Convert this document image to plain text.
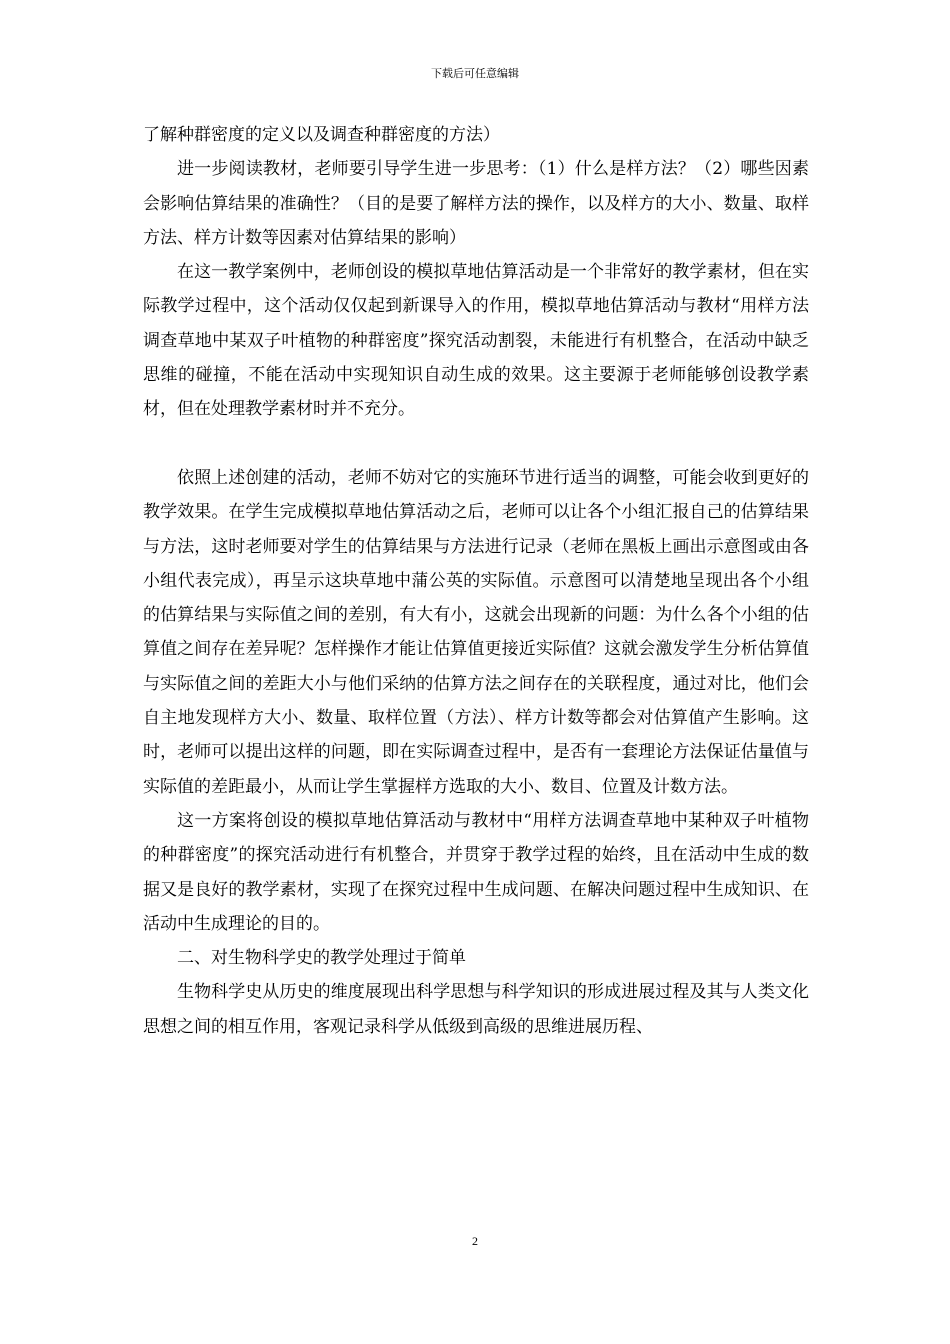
下载后可任意编辑

了解种群密度的定义以及调查种群密度的方法）

进一步阅读教材，老师要引导学生进一步思考：（1）什么是样方法？（2）哪些因素会影响估算结果的准确性？（目的是要了解样方法的操作，以及样方的大小、数量、取样方法、样方计数等因素对估算结果的影响）

在这一教学案例中，老师创设的模拟草地估算活动是一个非常好的教学素材，但在实际教学过程中，这个活动仅仅起到新课导入的作用，模拟草地估算活动与教材“用样方法调查草地中某双子叶植物的种群密度”探究活动割裂，未能进行有机整合，在活动中缺乏思维的碰撞，不能在活动中实现知识自动生成的效果。这主要源于老师能够创设教学素材，但在处理教学素材时并不充分。

依照上述创建的活动，老师不妨对它的实施环节进行适当的调整，可能会收到更好的教学效果。在学生完成模拟草地估算活动之后，老师可以让各个小组汇报自己的估算结果与方法，这时老师要对学生的估算结果与方法进行记录（老师在黑板上画出示意图或由各小组代表完成），再呈示这块草地中蒲公英的实际值。示意图可以清楚地呈现出各个小组的估算结果与实际值之间的差别，有大有小，这就会出现新的问题：为什么各个小组的估算值之间存在差异呢？怎样操作才能让估算值更接近实际值？这就会激发学生分析估算值与实际值之间的差距大小与他们采纳的估算方法之间存在的关联程度，通过对比，他们会自主地发现样方大小、数量、取样位置（方法）、样方计数等都会对估算值产生影响。这时，老师可以提出这样的问题，即在实际调查过程中，是否有一套理论方法保证估量值与实际值的差距最小，从而让学生掌握样方选取的大小、数目、位置及计数方法。

这一方案将创设的模拟草地估算活动与教材中“用样方法调查草地中某种双子叶植物的种群密度”的探究活动进行有机整合，并贯穿于教学过程的始终，且在活动中生成的数据又是良好的教学素材，实现了在探究过程中生成问题、在解决问题过程中生成知识、在活动中生成理论的目的。

二、对生物科学史的教学处理过于简单

生物科学史从历史的维度展现出科学思想与科学知识的形成进展过程及其与人类文化思想之间的相互作用，客观记录科学从低级到高级的思维进展历程、

2
